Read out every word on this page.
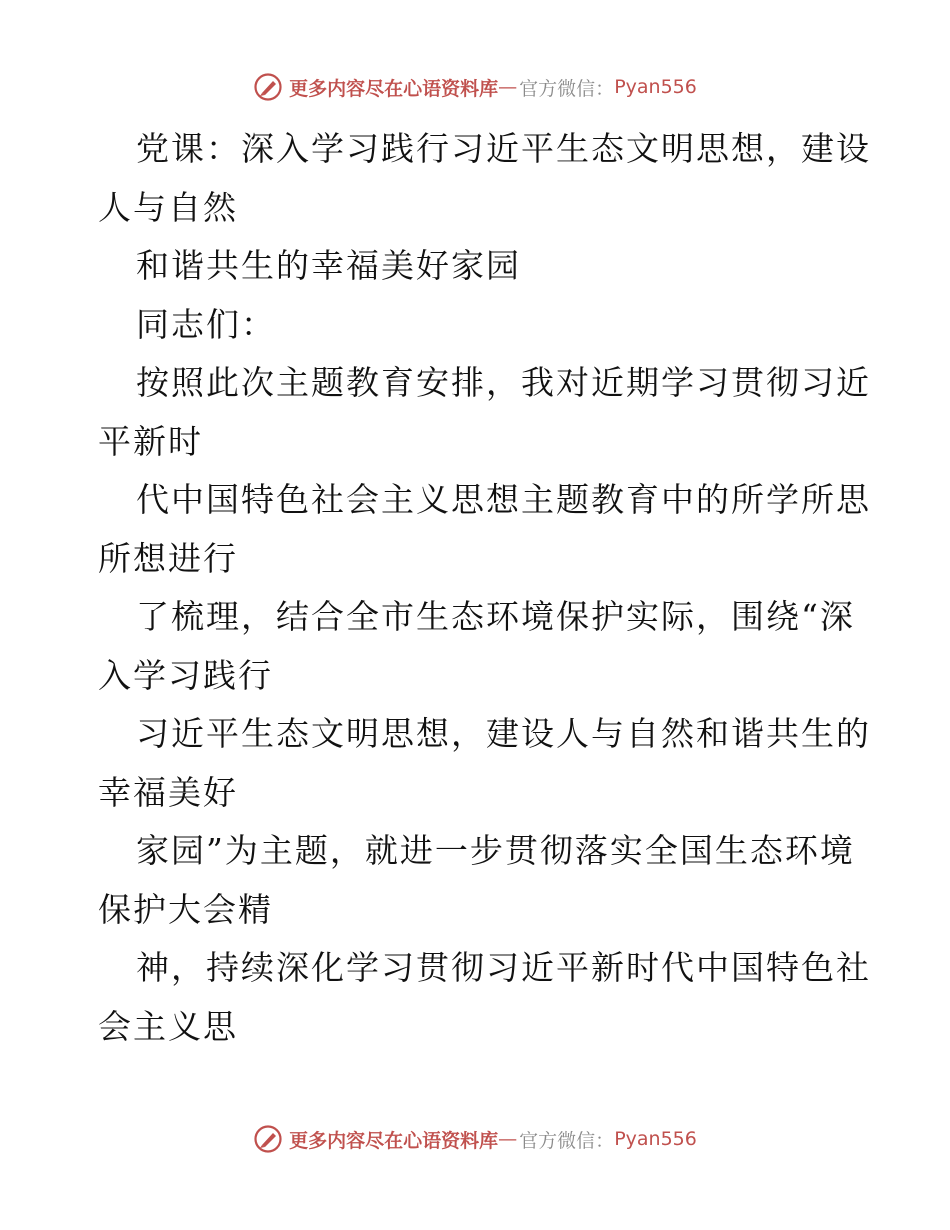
更多内容尽在心语资料库 — 官方微信： Pyan556
党课：深入学习践行习近平生态文明思想，建设
人与自然
和谐共生的幸福美好家园
同志们：
按照此次主题教育安排，我对近期学习贯彻习近
平新时
代中国特色社会主义思想主题教育中的所学所思
所想进行
了梳理，结合全市生态环境保护实际，围绕“深
入学习践行
习近平生态文明思想，建设人与自然和谐共生的
幸福美好
家园”为主题，就进一步贯彻落实全国生态环境
保护大会精
神，持续深化学习贯彻习近平新时代中国特色社
会主义思
更多内容尽在心语资料库 — 官方微信： Pyan556
